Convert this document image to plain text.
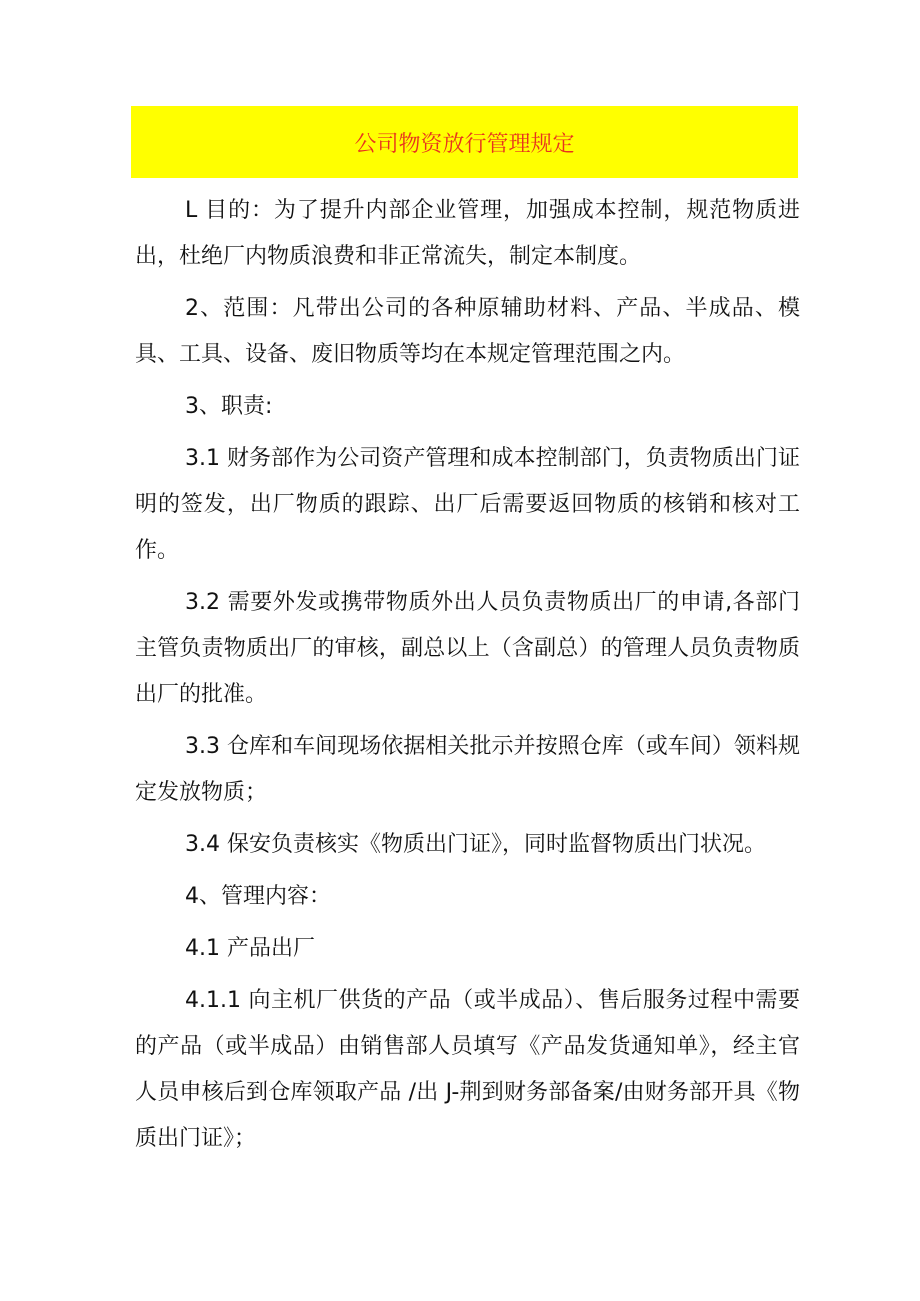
公司物资放行管理规定

L 目的：为了提升内部企业管理，加强成本控制，规范物质进出，杜绝厂内物质浪费和非正常流失，制定本制度。

2、范围：凡带出公司的各种原辅助材料、产品、半成品、模具、工具、设备、废旧物质等均在本规定管理范围之内。

3、职责:

3.1 财务部作为公司资产管理和成本控制部门，负责物质出门证明的签发，出厂物质的跟踪、出厂后需要返回物质的核销和核对工作。

3.2 需要外发或携带物质外出人员负责物质出厂的申请,各部门主管负责物质出厂的审核，副总以上（含副总）的管理人员负责物质出厂的批准。

3.3 仓库和车间现场依据相关批示并按照仓库（或车间）领料规定发放物质；

3.4 保安负责核实《物质出门证》，同时监督物质出门状况。

4、管理内容：

4.1 产品出厂

4.1.1 向主机厂供货的产品（或半成品）、售后服务过程中需要的产品（或半成品）由销售部人员填写《产品发货通知单》，经主官人员申核后到仓库领取产品 /出 J-荆到财务部备案/由财务部开具《物质出门证》；
